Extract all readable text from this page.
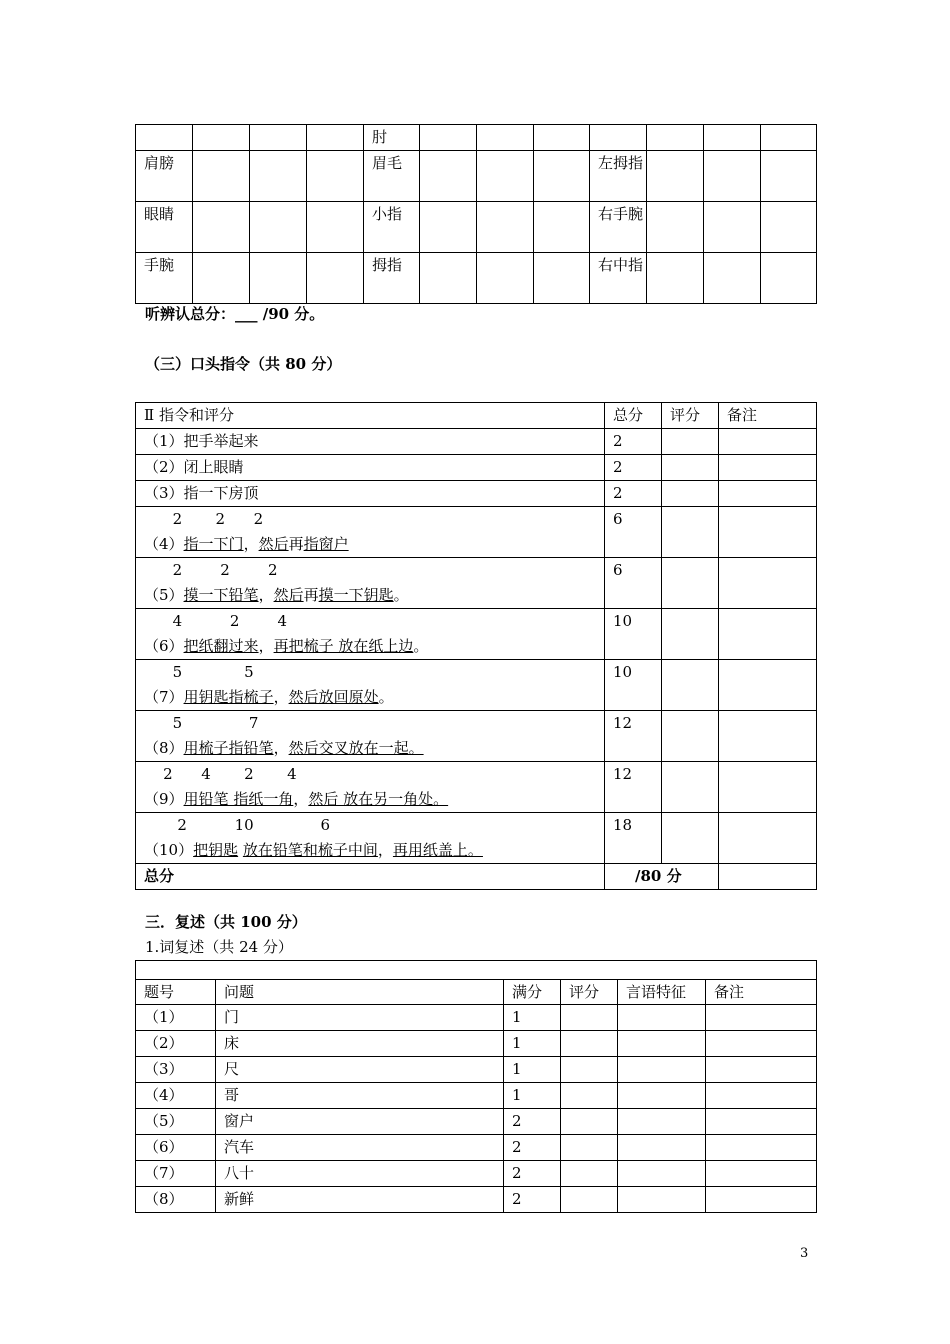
				肘							
肩膀				眉毛				左拇指			
眼睛				小指				右手腕			
手腕				拇指				右中指			
听辨认总分：___ /90 分。
（三）口头指令（共 80 分）
Ⅱ 指令和评分	总分	评分	备注
（1）把手举起来	2		
（2）闭上眼睛	2		
（3）指一下房顶	2		

2       2      2
（4）指一下门，然后再指窗户	6		

2        2        2
（5）摸一下铅笔，然后再摸一下钥匙。	6		

4          2        4
（6）把纸翻过来，再把梳子 放在纸上边。	10		

5             5
（7）用钥匙指梳子，然后放回原处。	10		

5              7
（8）用梳子指铅笔，然后交叉放在一起。	12		

2      4       2       4
（9）用铅笔 指纸一角，然后 放在另一角处。	12		

2          10              6
（10）把钥匙 放在铅笔和梳子中间，再用纸盖上。	18		
总分	/80 分		
三．复述（共 100 分）
1.词复述（共 24 分）

题号	问题	满分	评分	言语特征	备注
（1）	门	1			
（2）	床	1			
（3）	尺	1			
（4）	哥	1			
（5）	窗户	2			
（6）	汽车	2			
（7）	八十	2			
（8）	新鲜	2			
3
